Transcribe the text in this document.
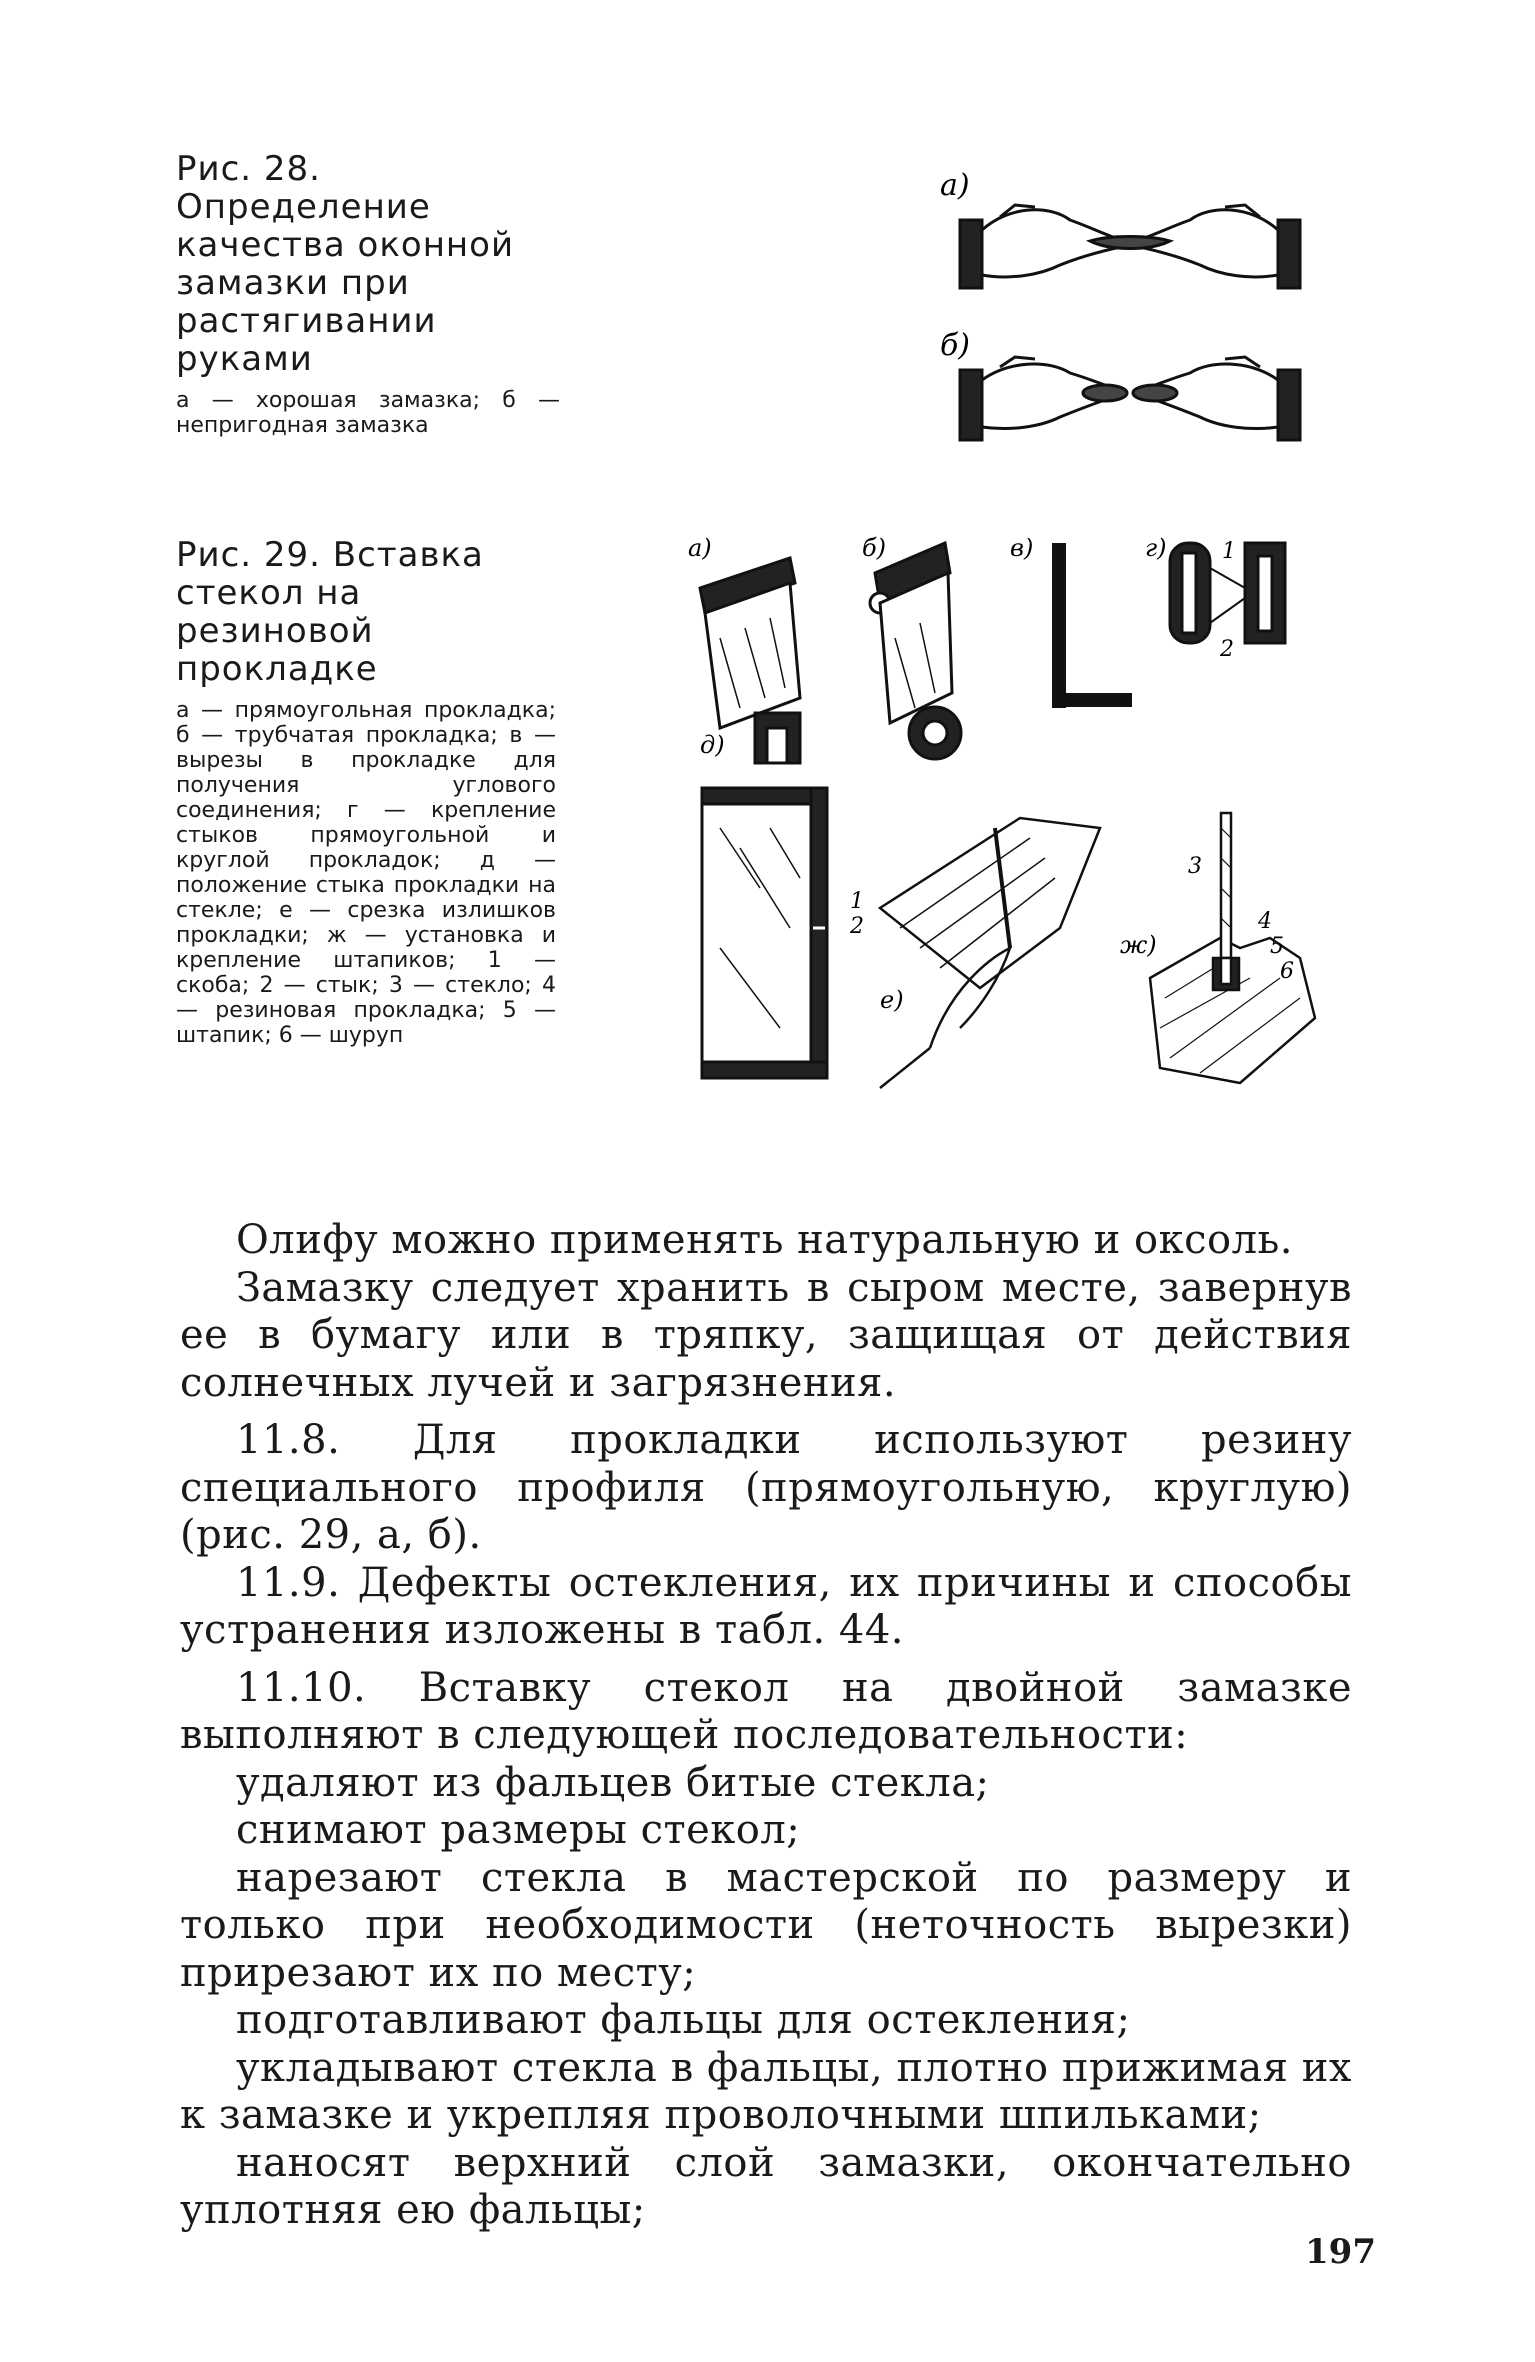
Рис. 28. Определение качества оконной замазки при растягивании руками

а — хорошая замазка; б — непригодная замазка

а)
б)

Рис. 29. Вставка стекол на резиновой прокладке

а — прямоугольная прокладка; б — трубчатая прокладка; в — вырезы в прокладке для получения углового соединения; г — крепление стыков прямоугольной и круглой прокладок; д — положение стыка прокладки на стекле; е — срезка излишков прокладки; ж — установка и крепление штапиков; 1 — скоба; 2 — стык; 3 — стекло; 4 — резиновая прокладка; 5 — штапик; 6 — шуруп

а)	б)	в)	г)	1
2
д)
1
2
е)
ж)
3
4
5
6

Олифу можно применять натуральную и оксоль.

Замазку следует хранить в сыром месте, завернув ее в бумагу или в тряпку, защищая от действия солнечных лучей и загрязнения.

11.8. Для прокладки используют резину специального профиля (прямоугольную, круглую) (рис. 29, а, б).

11.9. Дефекты остекления, их причины и способы устранения изложены в табл. 44.

11.10. Вставку стекол на двойной замазке выполняют в следующей последовательности:

удаляют из фальцев битые стекла;

снимают размеры стекол;

нарезают стекла в мастерской по размеру и только при необходимости (неточность вырезки) прирезают их по месту;

подготавливают фальцы для остекления;

укладывают стекла в фальцы, плотно прижимая их к замазке и укрепляя проволочными шпильками;

наносят верхний слой замазки, окончательно уплотняя ею фальцы;

197
